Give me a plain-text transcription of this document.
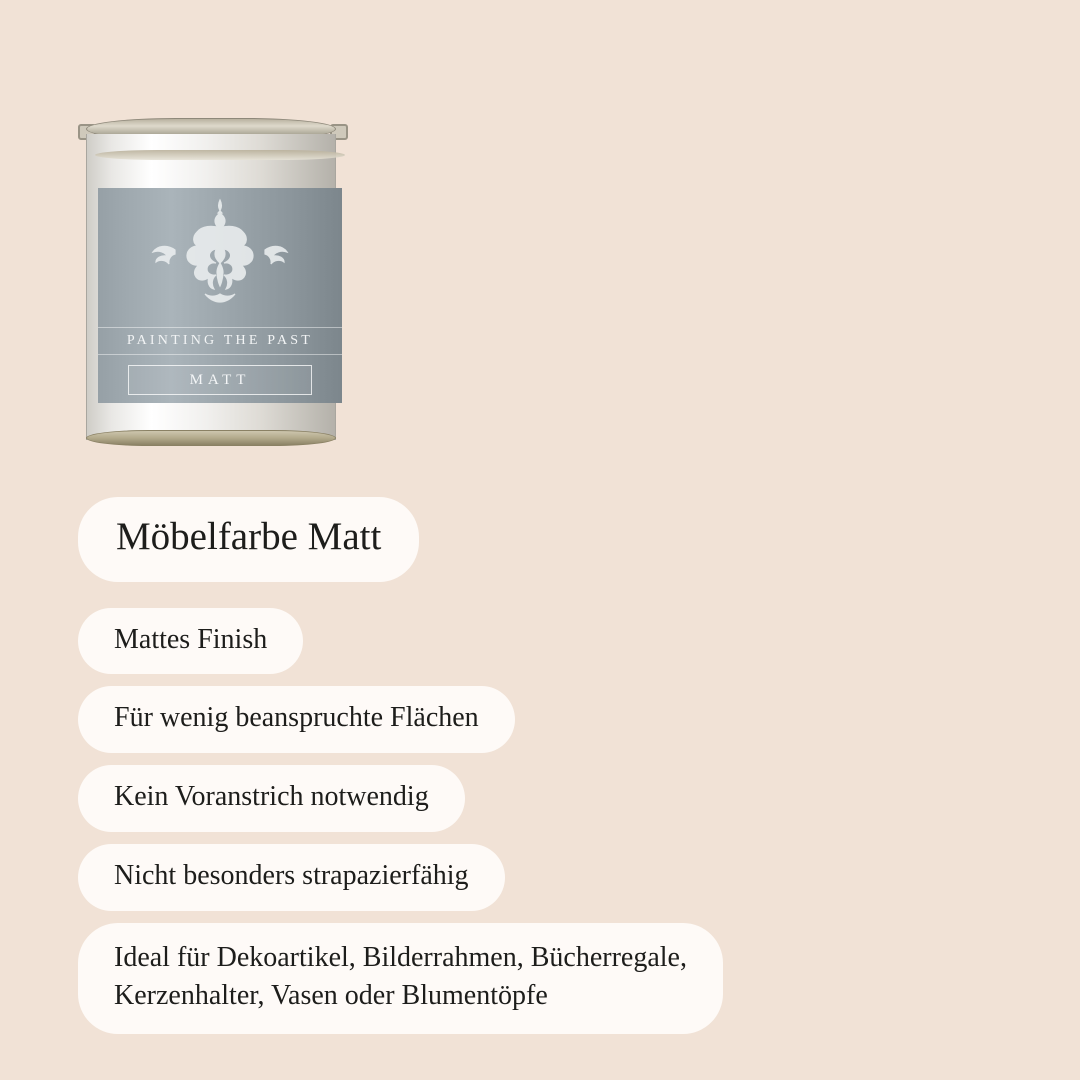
PAINTING THE PAST
MATT
Möbelfarbe Matt
Mattes Finish
Für wenig beanspruchte Flächen
Kein Voranstrich notwendig
Nicht besonders strapazierfähig
Ideal für Dekoartikel, Bilderrahmen, Bücherregale,
Kerzenhalter, Vasen oder Blumentöpfe
